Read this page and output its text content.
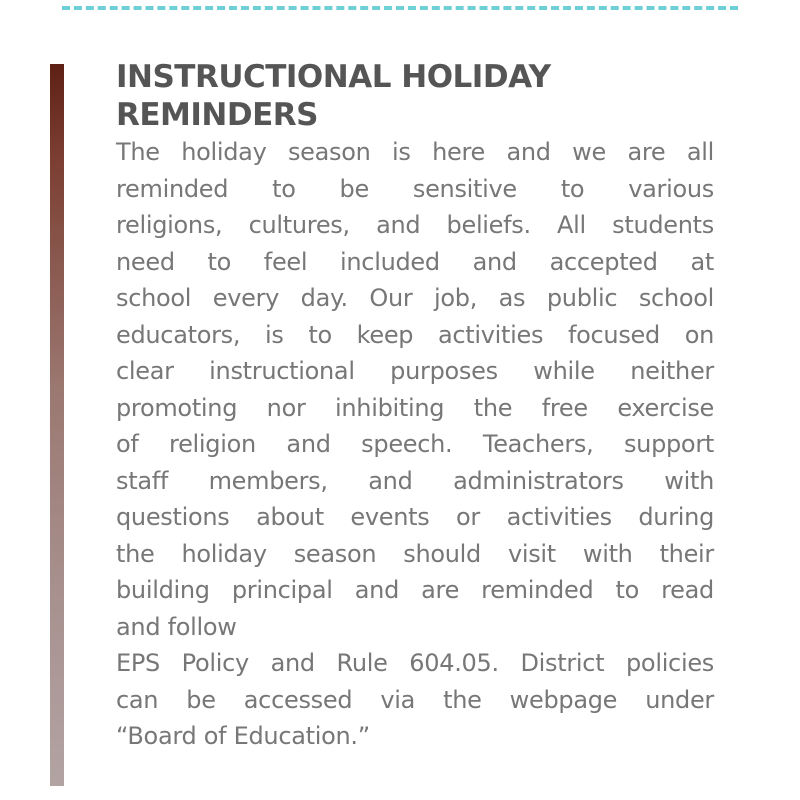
INSTRUCTIONAL HOLIDAY
REMINDERS

The holiday season is here and we are all
reminded to be sensitive to various
religions, cultures, and beliefs. All students
need to feel included and accepted at
school every day. Our job, as public school
educators, is to keep activities focused on
clear instructional purposes while neither
promoting nor inhibiting the free exercise
of religion and speech. Teachers, support
staff members, and administrators with
questions about events or activities during
the holiday season should visit with their
building principal and are reminded to read
and follow

EPS Policy and Rule 604.05. District policies
can be accessed via the webpage under
“Board of Education.”
